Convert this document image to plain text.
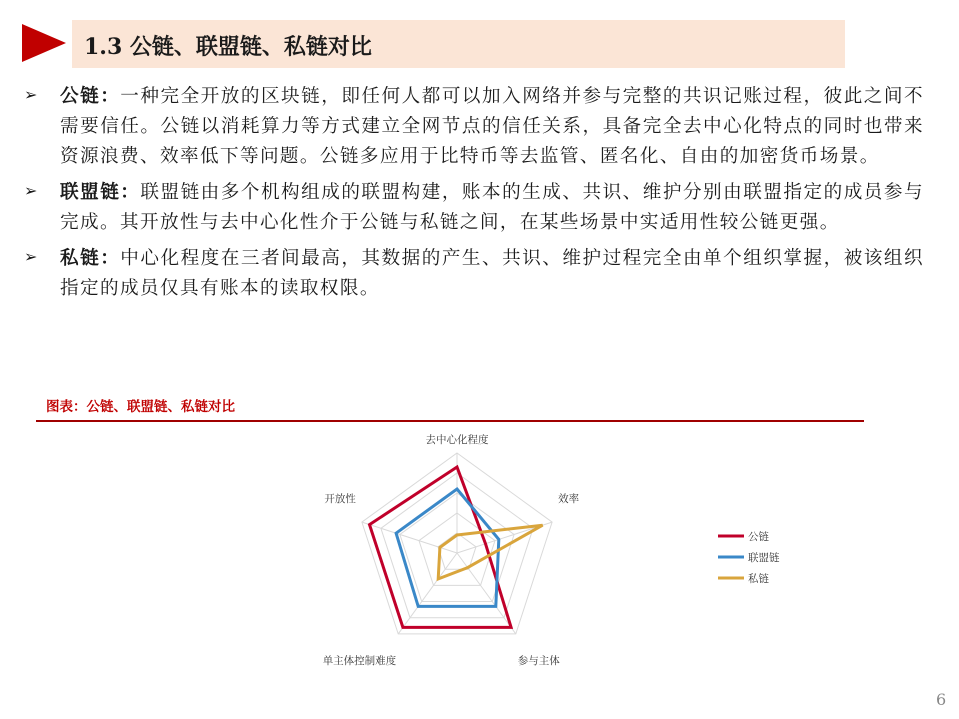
1.3 公链、联盟链、私链对比
➢ 公链：一种完全开放的区块链，即任何人都可以加入网络并参与完整的共识记账过程，彼此之间不需要信任。公链以消耗算力等方式建立全网节点的信任关系，具备完全去中心化特点的同时也带来资源浪费、效率低下等问题。公链多应用于比特币等去监管、匿名化、自由的加密货币场景。

➢ 联盟链：联盟链由多个机构组成的联盟构建，账本的生成、共识、维护分别由联盟指定的成员参与完成。其开放性与去中心化性介于公链与私链之间，在某些场景中实适用性较公链更强。

➢ 私链：中心化程度在三者间最高，其数据的产生、共识、维护过程完全由单个组织掌握，被该组织指定的成员仅具有账本的读取权限。

图表：公链、联盟链、私链对比
去中心化程度
效率
参与主体
单主体控制难度
开放性
公链
联盟链
私链
6
